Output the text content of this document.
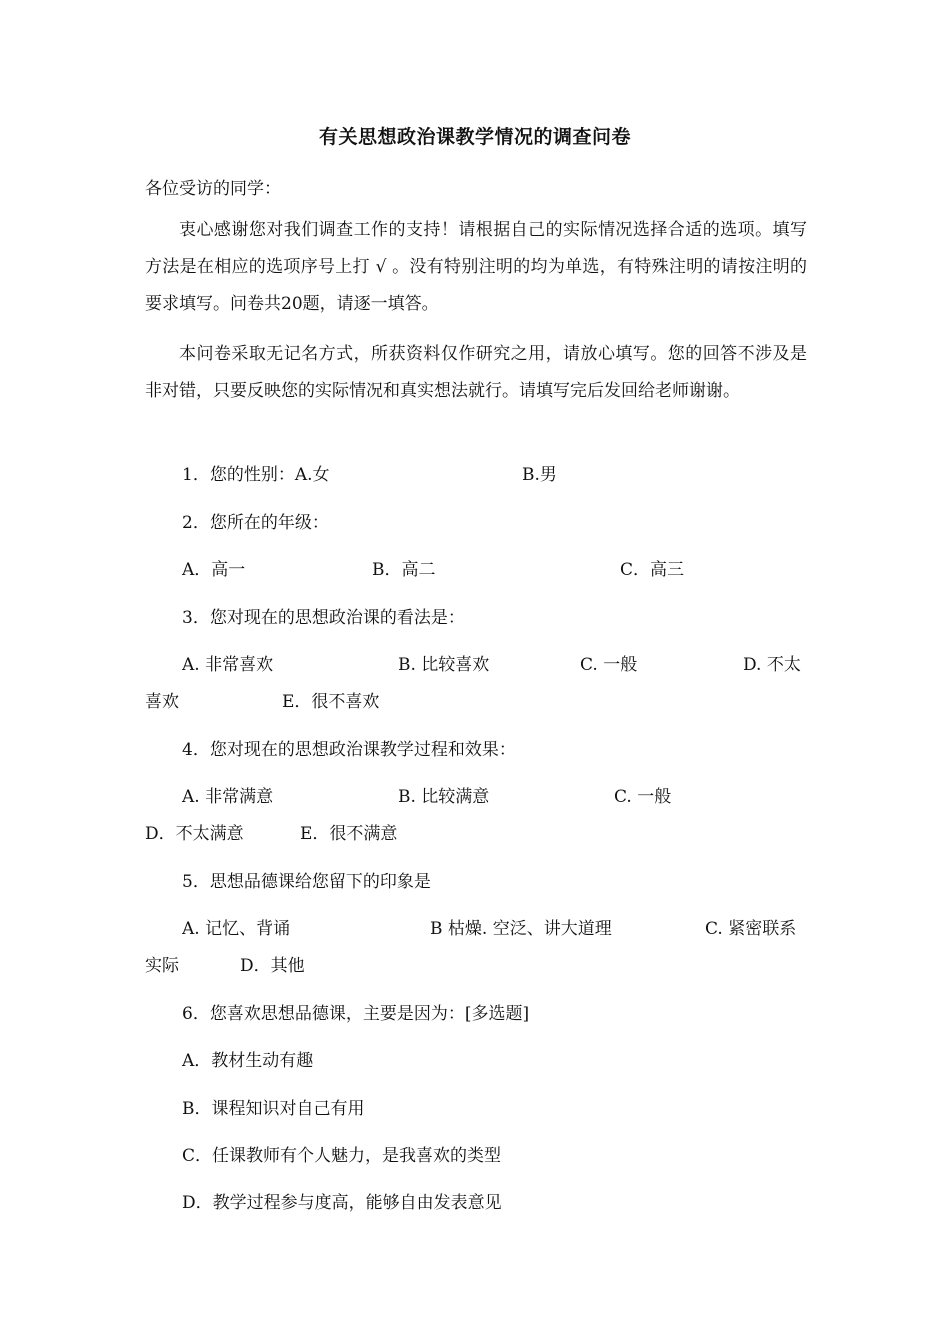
有关思想政治课教学情况的调查问卷
各位受访的同学：
衷心感谢您对我们调查工作的支持！请根据自己的实际情况选择合适的选项。填写方法是在相应的选项序号上打 √ 。没有特别注明的均为单选，有特殊注明的请按注明的要求填写。问卷共20题，请逐一填答。
本问卷采取无记名方式，所获资料仅作研究之用，请放心填写。您的回答不涉及是非对错，只要反映您的实际情况和真实想法就行。请填写完后发回给老师谢谢。
1．您的性别：A.女	B.男
2．您所在的年级：
A．高一	B．高二	C．高三
3．您对现在的思想政治课的看法是：
A. 非常喜欢	B. 比较喜欢	C. 一般	D. 不太
喜欢	E．很不喜欢
4．您对现在的思想政治课教学过程和效果：
A. 非常满意	B. 比较满意	C. 一般
D．不太满意	E．很不满意
5．思想品德课给您留下的印象是
A. 记忆、背诵	B 枯燥. 空泛、讲大道理	C. 紧密联系
实际	D．其他
6．您喜欢思想品德课，主要是因为：[多选题]
A．教材生动有趣
B．课程知识对自己有用
C．任课教师有个人魅力，是我喜欢的类型
D．教学过程参与度高，能够自由发表意见
